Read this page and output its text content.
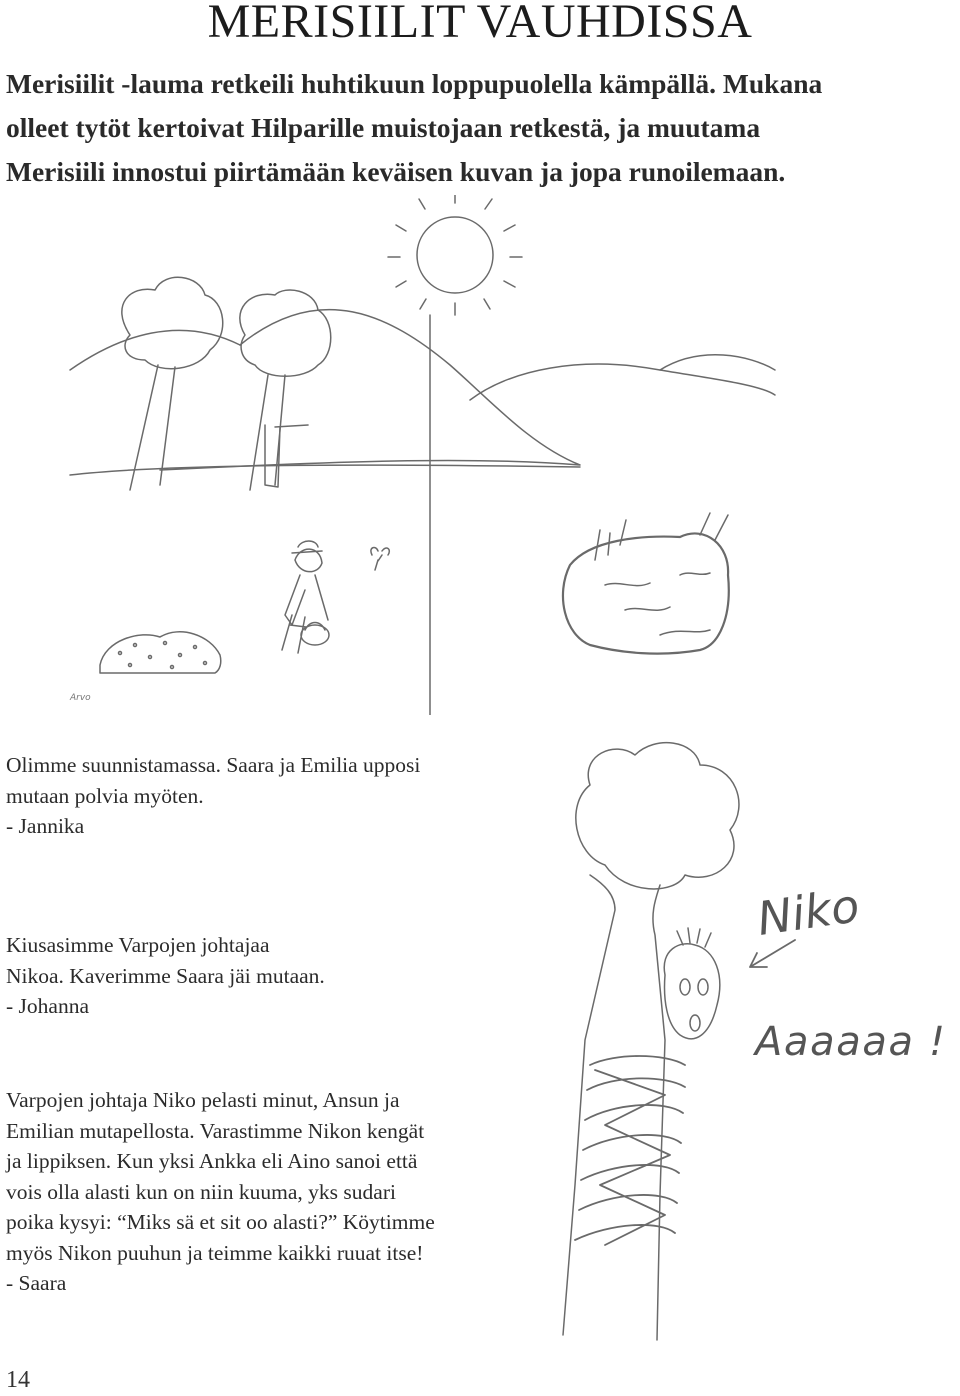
MERISIILIT VAUHDISSA
Merisiilit -lauma retkeili huhtikuun loppupuolella kämpällä. Mukana
olleet tytöt kertoivat Hilparille muistojaan retkestä, ja muutama
Merisiili innostui piirtämään keväisen kuvan ja jopa runoilemaan.
Arvo
Olimme suunnistamassa. Saara ja Emilia upposi
mutaan polvia myöten.
- Jannika
Kiusasimme Varpojen johtajaa
Nikoa. Kaverimme Saara jäi mutaan.
- Johanna
Varpojen johtaja Niko pelasti minut, Ansun ja
Emilian mutapellosta. Varastimme Nikon kengät
ja lippiksen. Kun yksi Ankka eli Aino sanoi että
vois olla alasti kun on niin kuuma, yks sudari
poika kysyi: “Miks sä et sit oo alasti?” Köytimme
myös Nikon puuhun ja teimme kaikki ruuat itse!
- Saara
Niko
Aaaaaa !
14
